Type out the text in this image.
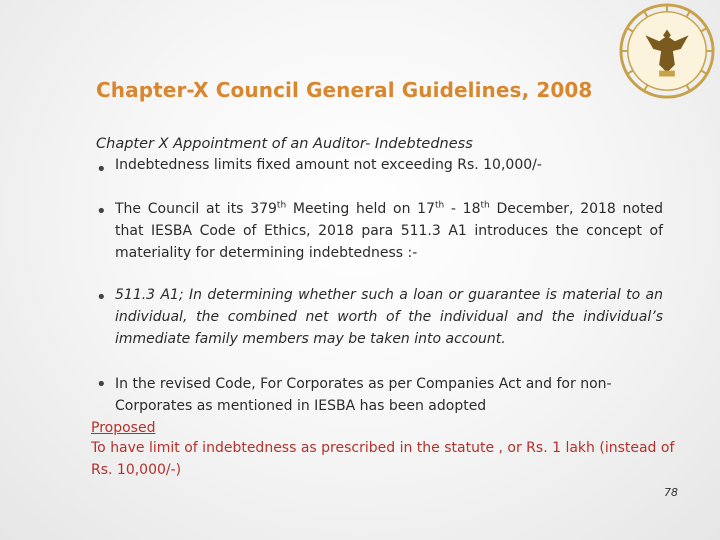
Chapter-X Council General Guidelines, 2008
Chapter X Appointment of an Auditor- Indebtedness
• Indebtedness limits fixed amount not exceeding Rs. 10,000/-
• The Council at its 379th Meeting held on 17th - 18th December, 2018 noted that IESBA Code of Ethics, 2018 para 511.3 A1 introduces the concept of materiality for determining indebtedness :-
• 511.3 A1; In determining whether such a loan or guarantee is material to an individual, the combined net worth of the individual and the individual’s immediate family members may be taken into account.
• In the revised Code, For Corporates as per Companies Act and for non-
Corporates as mentioned in IESBA has been adopted
Proposed
To have limit of indebtedness as prescribed in the statute , or Rs. 1 lakh (instead of Rs. 10,000/-)
78
